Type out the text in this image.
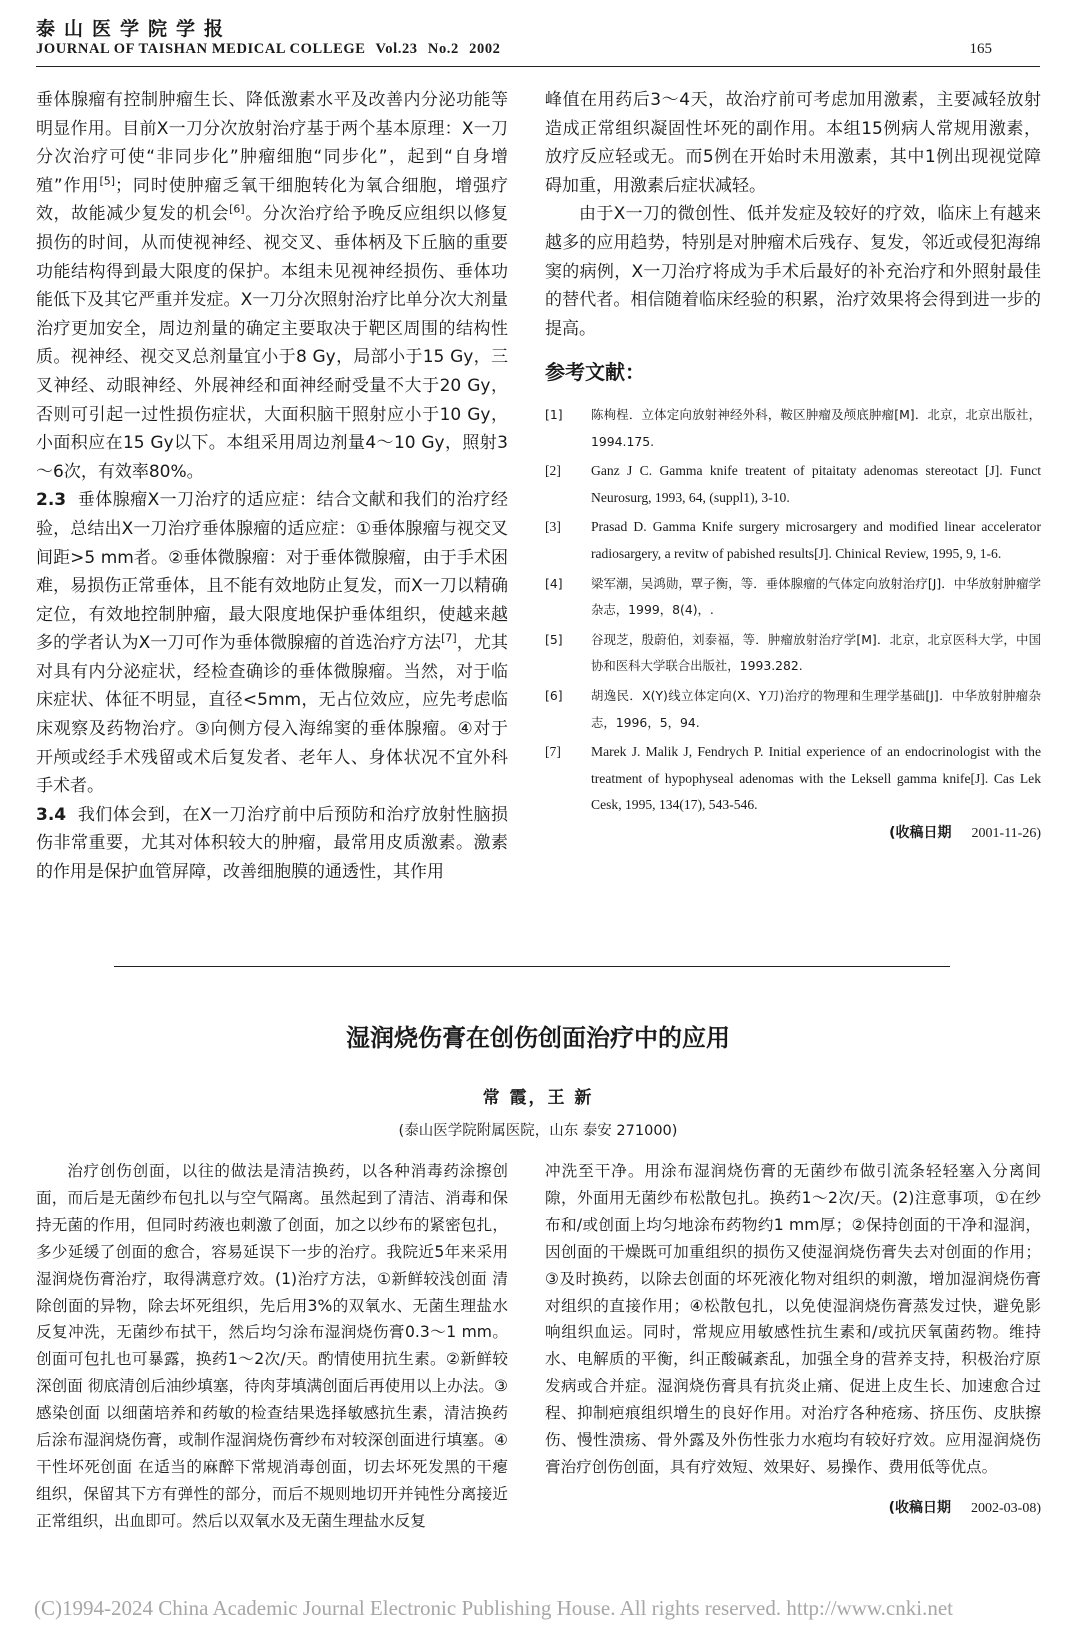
泰山医学院学报
JOURNAL OF TAISHAN MEDICAL COLLEGE Vol.23 No.2 2002	165

垂体腺瘤有控制肿瘤生长、降低激素水平及改善内分泌功能等明显作用。目前X一刀分次放射治疗基于两个基本原理：X一刀分次治疗可使“非同步化”肿瘤细胞“同步化”，起到“自身增殖”作用[5]；同时使肿瘤乏氧干细胞转化为氧合细胞，增强疗效，故能减少复发的机会[6]。分次治疗给予晚反应组织以修复损伤的时间，从而使视神经、视交叉、垂体柄及下丘脑的重要功能结构得到最大限度的保护。本组未见视神经损伤、垂体功能低下及其它严重并发症。X一刀分次照射治疗比单分次大剂量治疗更加安全，周边剂量的确定主要取决于靶区周围的结构性质。视神经、视交叉总剂量宜小于8 Gy，局部小于15 Gy，三叉神经、动眼神经、外展神经和面神经耐受量不大于20 Gy，否则可引起一过性损伤症状，大面积脑干照射应小于10 Gy，小面积应在15 Gy以下。本组采用周边剂量4～10 Gy，照射3～6次，有效率80%。

2.3 垂体腺瘤X一刀治疗的适应症：结合文献和我们的治疗经验，总结出X一刀治疗垂体腺瘤的适应症：①垂体腺瘤与视交叉间距>5 mm者。②垂体微腺瘤：对于垂体微腺瘤，由于手术困难，易损伤正常垂体，且不能有效地防止复发，而X一刀以精确定位，有效地控制肿瘤，最大限度地保护垂体组织，使越来越多的学者认为X一刀可作为垂体微腺瘤的首选治疗方法[7]，尤其对具有内分泌症状，经检查确诊的垂体微腺瘤。当然，对于临床症状、体征不明显，直径<5mm，无占位效应，应先考虑临床观察及药物治疗。③向侧方侵入海绵窦的垂体腺瘤。④对于开颅或经手术残留或术后复发者、老年人、身体状况不宜外科手术者。

3.4 我们体会到，在X一刀治疗前中后预防和治疗放射性脑损伤非常重要，尤其对体积较大的肿瘤，最常用皮质激素。激素的作用是保护血管屏障，改善细胞膜的通透性，其作用

峰值在用药后3～4天，故治疗前可考虑加用激素，主要减轻放射造成正常组织凝固性坏死的副作用。本组15例病人常规用激素，放疗反应轻或无。而5例在开始时未用激素，其中1例出现视觉障碍加重，用激素后症状减轻。

由于X一刀的微创性、低并发症及较好的疗效，临床上有越来越多的应用趋势，特别是对肿瘤术后残存、复发，邻近或侵犯海绵窦的病例，X一刀治疗将成为手术后最好的补充治疗和外照射最佳的替代者。相信随着临床经验的积累，治疗效果将会得到进一步的提高。

参考文献：
[1] 陈栒桯．立体定向放射神经外科，鞍区肿瘤及颅底肿瘤[M]．北京，北京出版社，1994.175.
[2] Ganz J C. Gamma knife treatent of pitaitaty adenomas stereotact [J]. Funct Neurosurg, 1993, 64, (suppl1), 3-10.
[3] Prasad D. Gamma Knife surgery microsargery and modified linear accelerator radiosargery, a revitw of pabished results[J]. Chinical Review, 1995, 9, 1-6.
[4] 梁军潮，吴鸿勋，覃子衡，等．垂体腺瘤的气体定向放射治疗[J]．中华放射肿瘤学杂志，1999，8(4)，.
[5] 谷现芝，殷蔚伯，刘泰福，等．肿瘤放射治疗学[M]．北京，北京医科大学，中国协和医科大学联合出版社，1993.282.
[6] 胡逸民．X(Y)线立体定向(X、Y刀)治疗的物理和生理学基础[J]．中华放射肿瘤杂志，1996，5，94.
[7] Marek J. Malik J, Fendrych P. Initial experience of an endocrinologist with the treatment of hypophyseal adenomas with the Leksell gamma knife[J]. Cas Lek Cesk, 1995, 134(17), 543-546.
(收稿日期 2001-11-26)
湿润烧伤膏在创伤创面治疗中的应用
常 霞，王 新
(泰山医学院附属医院，山东 泰安 271000)

治疗创伤创面，以往的做法是清洁换药，以各种消毒药涂擦创面，而后是无菌纱布包扎以与空气隔离。虽然起到了清洁、消毒和保持无菌的作用，但同时药液也刺激了创面，加之以纱布的紧密包扎，多少延缓了创面的愈合，容易延误下一步的治疗。我院近5年来采用湿润烧伤膏治疗，取得满意疗效。(1)治疗方法，①新鲜较浅创面 清除创面的异物，除去坏死组织，先后用3%的双氧水、无菌生理盐水反复冲洗，无菌纱布拭干，然后均匀涂布湿润烧伤膏0.3～1 mm。创面可包扎也可暴露，换药1～2次/天。酌情使用抗生素。②新鲜较深创面 彻底清创后油纱填塞，待肉芽填满创面后再使用以上办法。③感染创面 以细菌培养和药敏的检查结果选择敏感抗生素，清洁换药后涂布湿润烧伤膏，或制作湿润烧伤膏纱布对较深创面进行填塞。④干性坏死创面 在适当的麻醉下常规消毒创面，切去坏死发黑的干瘪组织，保留其下方有弹性的部分，而后不规则地切开并钝性分离接近正常组织，出血即可。然后以双氧水及无菌生理盐水反复

冲洗至干净。用涂布湿润烧伤膏的无菌纱布做引流条轻轻塞入分离间隙，外面用无菌纱布松散包扎。换药1～2次/天。(2)注意事项，①在纱布和/或创面上均匀地涂布药物约1 mm厚；②保持创面的干净和湿润，因创面的干燥既可加重组织的损伤又使湿润烧伤膏失去对创面的作用；③及时换药，以除去创面的坏死液化物对组织的刺激，增加湿润烧伤膏对组织的直接作用；④松散包扎，以免使湿润烧伤膏蒸发过快，避免影响组织血运。同时，常规应用敏感性抗生素和/或抗厌氧菌药物。维持水、电解质的平衡，纠正酸碱紊乱，加强全身的营养支持，积极治疗原发病或合并症。湿润烧伤膏具有抗炎止痛、促进上皮生长、加速愈合过程、抑制疤痕组织增生的良好作用。对治疗各种疮疡、挤压伤、皮肤擦伤、慢性溃疡、骨外露及外伤性张力水疱均有较好疗效。应用湿润烧伤膏治疗创伤创面，具有疗效短、效果好、易操作、费用低等优点。

(收稿日期 2002-03-08)
(C)1994-2024 China Academic Journal Electronic Publishing House. All rights reserved. http://www.cnki.net
